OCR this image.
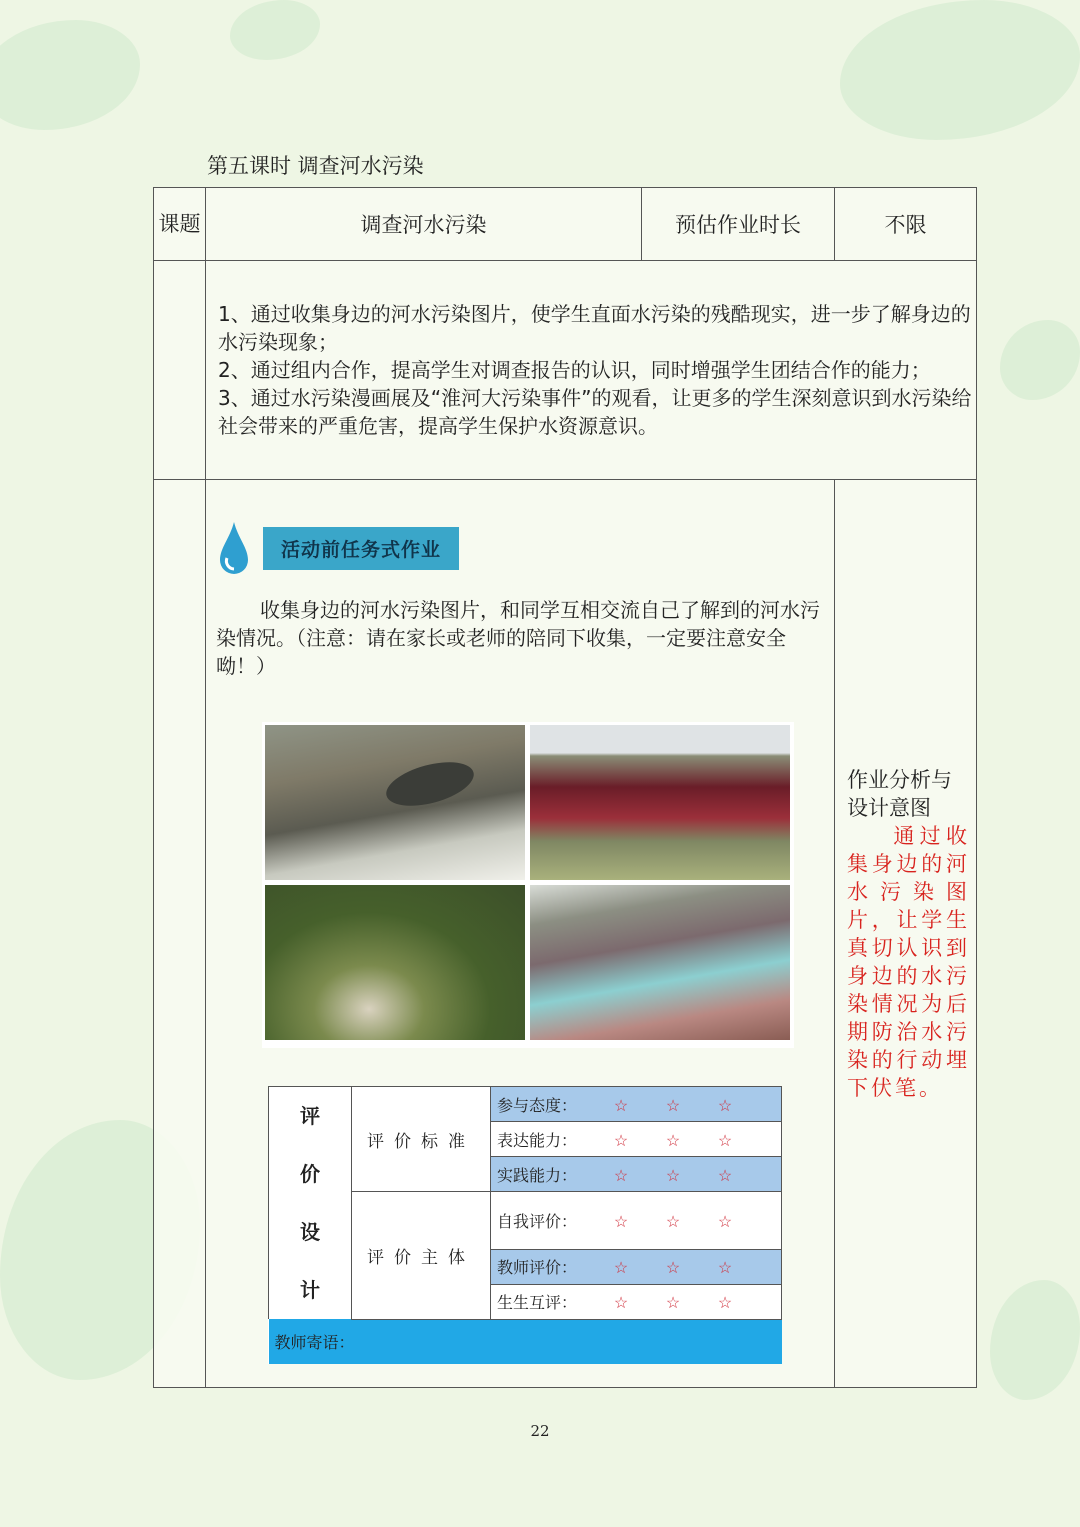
第五课时 调查河水污染
课题	调查河水污染	预估作业时长	不限

1、通过收集身边的河水污染图片，使学生直面水污染的残酷现实，进一步了解身边的水污染现象；

2、通过组内合作，提高学生对调查报告的认识，同时增强学生团结合作的能力；

3、通过水污染漫画展及“淮河大污染事件”的观看，让更多的学生深刻意识到水污染给社会带来的严重危害，提高学生保护水资源意识。

活动前任务式作业
收集身边的河水污染图片，和同学互相交流自己了解到的河水污染情况。（注意：请在家长或老师的陪同下收集，一定要注意安全呦！）
评
价
设
计
	评价标准	参与态度： ☆ ☆ ☆
表达能力： ☆ ☆ ☆
实践能力： ☆ ☆ ☆
评价主体	自我评价： ☆ ☆ ☆
教师评价： ☆ ☆ ☆
生生互评： ☆ ☆ ☆
教师寄语：

作业分析与设计意图
通过收集身边的河水污染图片，让学生真切认识到身边的水污染情况为后期防治水污染的行动埋下伏笔。
22
